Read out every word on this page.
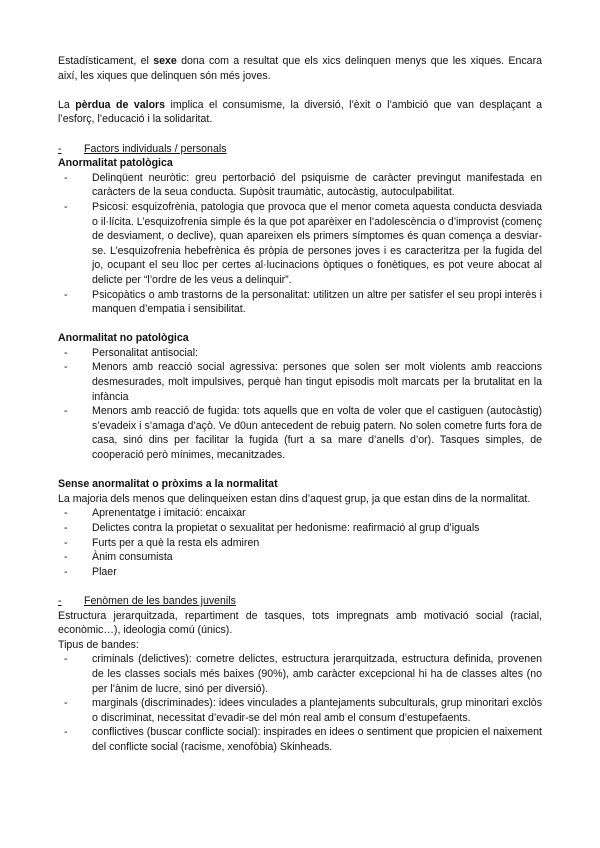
Estadísticament, el sexe dona com a resultat que els xics delinquen menys que les xiques. Encara així, les xiques que delinquen són més joves.

La pèrdua de valors implica el consumisme, la diversió, l’èxit o l’ambició que van desplaçant a l’esforç, l’educació i la solidaritat.

-	Factors individuals / personals

Anormalitat patològica

- Delinqüent neuròtic: greu pertorbació del psiquisme de caràcter previngut manifestada en caràcters de la seua conducta. Supòsit traumàtic, autocàstig, autoculpabilitat.
- Psicosi: esquizofrènia, patologia que provoca que el menor cometa aquesta conducta desviada o il·lícita. L’esquizofrenia simple és la que pot aparèixer en l’adolescència o d’improvist (començ de desviament, o declive), quan apareixen els primers símptomes és quan comença a desviar-se. L’esquizofrenia hebefrènica és pròpia de persones joves i es caracteritza per la fugida del jo, ocupant el seu lloc per certes al·lucinacions òptiques o fonètiques, es pot veure abocat al delicte per “l’ordre de les veus a delinquir”.
- Psicopàtics o amb trastorns de la personalitat: utilitzen un altre per satisfer el seu propi interès i manquen d’empatia i sensibilitat.

Anormalitat no patològica

- Personalitat antisocial:
- Menors amb reacció social agressiva: persones que solen ser molt violents amb reaccions desmesurades, molt impulsives, perquè han tingut episodis molt marcats per la brutalitat en la infància
- Menors amb reacció de fugida: tots aquells que en volta de voler que el castiguen (autocàstig) s’evadeix i s’amaga d’açò. Ve d0un antecedent de rebuig patern. No solen cometre furts fora de casa, sinó dins per facilitar la fugida (furt a sa mare d’anells d’or). Tasques simples, de cooperació però mínimes, mecanitzades.

Sense anormalitat o pròxims a la normalitat

La majoria dels menos que delinqueixen estan dins d’aquest grup, ja que estan dins de la normalitat.

- Aprenentatge i imitació: encaixar
- Delictes contra la propietat o sexualitat per hedonisme: reafirmació al grup d’iguals
- Furts per a què la resta els admiren
- Ànim consumista
- Plaer
-	Fenòmen de les bandes juvenils

Estructura jerarquitzada, repartiment de tasques, tots impregnats amb motivació social (racial, econòmic…), ideologia comú (únics).

Tipus de bandes:

- criminals (delictives): cometre delictes, estructura jerarquitzada, estructura definida, provenen de les classes socials més baixes (90%), amb caràcter excepcional hi ha de classes altes (no per l’ànim de lucre, sinó per diversió).
- marginals (discriminades): idees vinculades a plantejaments subculturals, grup minoritari exclòs o discriminat, necessitat d’evadir-se del món real amb el consum d’estupefaents.
- conflictives (buscar conflicte social): inspirades en idees o sentiment que propicien el naixement del conflicte social (racisme, xenofòbia) Skinheads.
